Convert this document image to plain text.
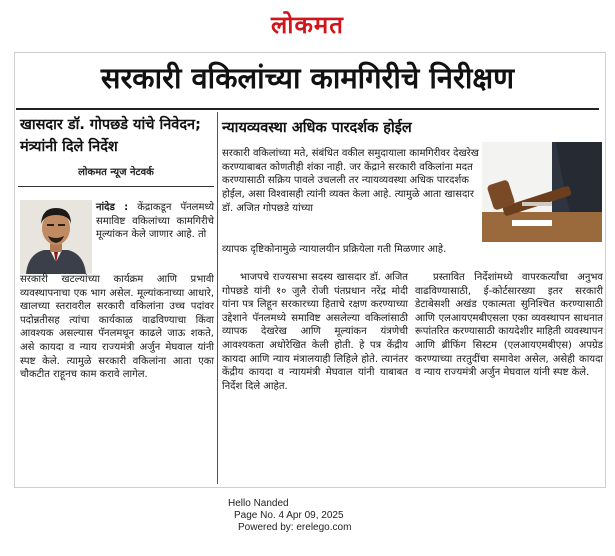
लोकमत
सरकारी वकिलांच्या कामगिरीचे निरीक्षण
खासदार डॉ. गोपछडे यांचे निवेदन; मंत्र्यांनी दिले निर्देश
लोकमत न्यूज नेटवर्क
नांदेड : केंद्राकडून पॅनलमध्ये समाविष्ट वकिलांच्या कामगिरीचे मूल्यांकन केले जाणार आहे. तो
सरकारी खटल्यांच्या कार्यक्रम आणि प्रभावी व्यवस्थापनाचा एक भाग असेल. मूल्यांकनाच्या आधारे, खालच्या स्तरावरील सरकारी वकिलांना उच्च पदांवर पदोन्नतीसह त्यांचा कार्यकाळ वाढविण्याचा किंवा आवश्यक असल्यास पॅनलमधून काढले जाऊ शकते, असे कायदा व न्याय राज्यमंत्री अर्जुन मेघवाल यांनी स्पष्ट केले. त्यामुळे सरकारी वकिलांना आता एका चौकटीत राहूनच काम करावे लागेल.
न्यायव्यवस्था अधिक पारदर्शक होईल
सरकारी वकिलांच्या मते, संबंधित वकील समुदायाला कामगिरीवर देखरेख करण्याबाबत कोणतीही शंका नाही. जर केंद्राने सरकारी वकिलांना मदत करण्यासाठी सक्रिय पावले उचलली तर न्यायव्यवस्था अधिक पारदर्शक होईल, असा विश्वासही त्यांनी व्यक्त केला आहे. त्यामुळे आता खासदार डॉ. अजित गोपछडे यांच्या
व्यापक दृष्टिकोनामुळे न्यायालयीन प्रक्रियेला गती मिळणार आहे.
भाजपचे राज्यसभा सदस्य खासदार डॉ. अजित गोपछडे यांनी १० जुलै रोजी पंतप्रधान नरेंद्र मोदी यांना पत्र लिहून सरकारच्या हिताचे रक्षण करण्याच्या उद्देशाने पॅनलमध्ये समाविष्ट असलेल्या वकिलांसाठी व्यापक देखरेख आणि मूल्यांकन यंत्रणेची आवश्यकता अधोरेखित केली होती. हे पत्र केंद्रीय कायदा आणि न्याय मंत्रालयाही लिहिले होते. त्यानंतर केंद्रीय कायदा व न्यायमंत्री मेघवाल यांनी याबाबत निर्देश दिले आहेत.
प्रस्तावित निर्देशांमध्ये वापरकर्त्यांचा अनुभव वाढविण्यासाठी, ई-कोर्टसारख्या इतर सरकारी डेटाबेसशी अखंड एकात्मता सुनिश्चित करण्यासाठी आणि एलआयएमबीएसला एका व्यवस्थापन साधनात रूपांतरित करण्यासाठी कायदेशीर माहिती व्यवस्थापन आणि ब्रीफिंग सिस्टम (एलआयएमबीएस) अपग्रेड करण्याच्या तरतुदींचा समावेश असेल, असेही कायदा व न्याय राज्यमंत्री अर्जुन मेघवाल यांनी स्पष्ट केले.
Hello Nanded
Page No. 4 Apr 09, 2025
Powered by: erelego.com
